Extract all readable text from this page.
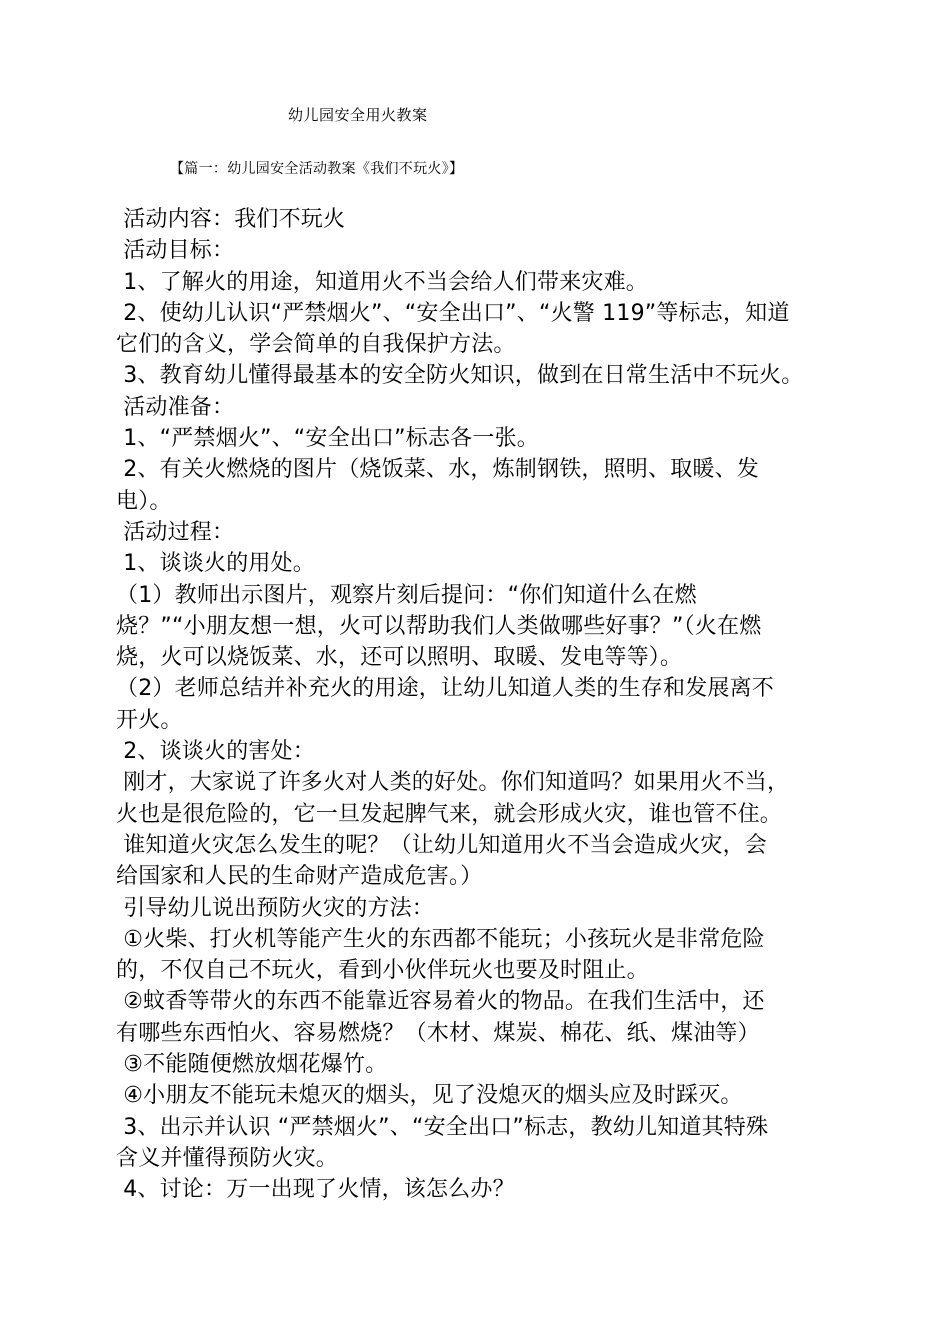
幼儿园安全用火教案
【篇一：幼儿园安全活动教案《我们不玩火》】
活动内容：我们不玩火
活动目标：
1、了解火的用途，知道用火不当会给人们带来灾难。
2、使幼儿认识“严禁烟火”、“安全出口”、“火警 119”等标志，知道
它们的含义，学会简单的自我保护方法。
3、教育幼儿懂得最基本的安全防火知识，做到在日常生活中不玩火。
活动准备：
1、“严禁烟火”、“安全出口”标志各一张。
2、有关火燃烧的图片（烧饭菜、水，炼制钢铁，照明、取暖、发
电）。
活动过程：
1、谈谈火的用处。
（1）教师出示图片，观察片刻后提问：“你们知道什么在燃
烧？”“小朋友想一想，火可以帮助我们人类做哪些好事？”（火在燃
烧，火可以烧饭菜、水，还可以照明、取暖、发电等等）。
（2）老师总结并补充火的用途，让幼儿知道人类的生存和发展离不
开火。
2、谈谈火的害处：
刚才，大家说了许多火对人类的好处。你们知道吗？如果用火不当，
火也是很危险的，它一旦发起脾气来，就会形成火灾，谁也管不住。
谁知道火灾怎么发生的呢？（让幼儿知道用火不当会造成火灾，会
给国家和人民的生命财产造成危害。）
引导幼儿说出预防火灾的方法：
①火柴、打火机等能产生火的东西都不能玩；小孩玩火是非常危险
的，不仅自己不玩火，看到小伙伴玩火也要及时阻止。
②蚊香等带火的东西不能靠近容易着火的物品。在我们生活中，还
有哪些东西怕火、容易燃烧？（木材、煤炭、棉花、纸、煤油等）
③不能随便燃放烟花爆竹。
④小朋友不能玩未熄灭的烟头，见了没熄灭的烟头应及时踩灭。
3、出示并认识 “严禁烟火”、“安全出口”标志，教幼儿知道其特殊
含义并懂得预防火灾。
4、讨论：万一出现了火情，该怎么办？
